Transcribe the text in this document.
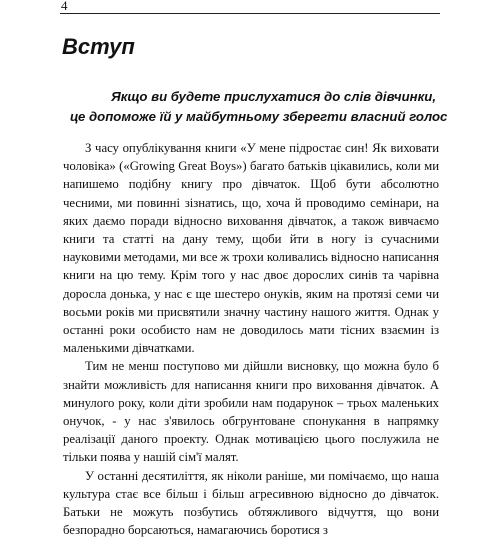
4
Вступ
Якщо ви будете прислухатися до слів дівчинки,
це допоможе їй у майбутньому зберегти власний голос

З часу опублікування книги «У мене підростає син! Як виховати чоловіка» («Growing Great Boys») багато батьків цікавились, коли ми напишемо подібну книгу про дівчаток. Щоб бути абсолютно чесними, ми повинні зізнатись, що, хоча й проводимо семінари, на яких даємо поради відносно виховання дівчаток, а також вивчаємо книги та статті на дану тему, щоби йти в ногу із сучасними науковими методами, ми все ж трохи коливались відносно написання книги на цю тему. Крім того у нас двоє дорослих синів та чарівна доросла донька, у нас є ще шестеро онуків, яким на протязі семи чи восьми років ми присвятили значну частину нашого життя. Однак у останні роки особисто нам не доводилось мати тісних взаємин із маленькими дівчатками.

Тим не менш поступово ми дійшли висновку, що можна було б знайти можливість для написання книги про виховання дівчаток. А минулого року, коли діти зробили нам подарунок – трьох маленьких онучок, - у нас з'явилось обгрунтоване спонукання в напрямку реалізації даного проекту. Однак мотивацією цього послужила не тільки поява у нашій сім'ї малят.

У останні десятиліття, як ніколи раніше, ми помічаємо, що наша культура стає все більш і більш агресивною відносно до дівчаток. Батьки не можуть позбутись обтяжливого відчуття, що вони безпорадно борсаються, намагаючись боротися з
